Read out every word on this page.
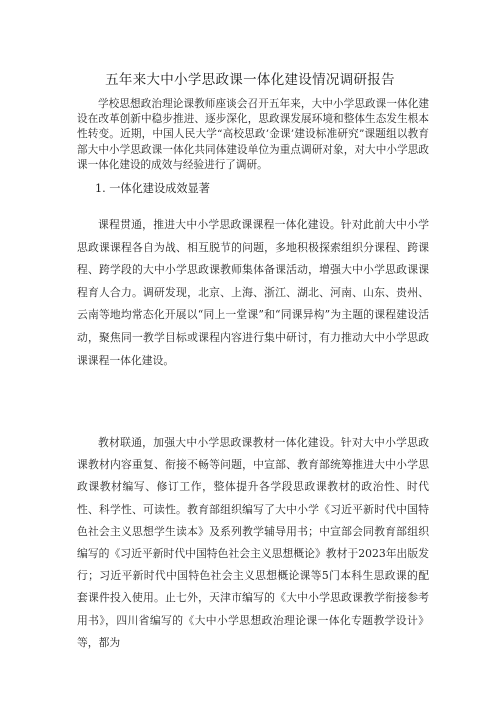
五年来大中小学思政课一体化建设情况调研报告

学校思想政治理论课教师座谈会召开五年来，大中小学思政课一体化建设在改革创新中稳步推进、逐步深化，思政课发展环境和整体生态发生根本性转变。近期，中国人民大学“高校思政’金课’建设标准研究”课题组以教育部大中小学思政课一体化共同体建设单位为重点调研对象，对大中小学思政课一体化建设的成效与经验进行了调研。

1. 一体化建设成效显著

课程贯通，推进大中小学思政课课程一体化建设。针对此前大中小学思政课课程各自为战、相互脱节的问题，多地积极探索组织分课程、跨课程、跨学段的大中小学思政课教师集体备课活动，增强大中小学思政课课程育人合力。调研发现，北京、上海、浙江、湖北、河南、山东、贵州、云南等地均常态化开展以“同上一堂课”和“同课异构”为主题的课程建设活动，聚焦同一教学目标或课程内容进行集中研讨，有力推动大中小学思政课课程一体化建设。

教材联通，加强大中小学思政课教材一体化建设。针对大中小学思政课教材内容重复、衔接不畅等问题，中宣部、教育部统筹推进大中小学思政课教材编写、修订工作，整体提升各学段思政课教材的政治性、时代性、科学性、可读性。教育部组织编写了大中小学《习近平新时代中国特色社会主义思想学生读本》及系列教学辅导用书；中宣部会同教育部组织编写的《习近平新时代中国特色社会主义思想概论》教材于2023年出版发行；习近平新时代中国特色社会主义思想概论课等5门本科生思政课的配套课件投入使用。止七外，天津市编写的《大中小学思政课教学衔接参考用书》，四川省编写的《大中小学思想政治理论课一体化专题教学设计》等，都为
